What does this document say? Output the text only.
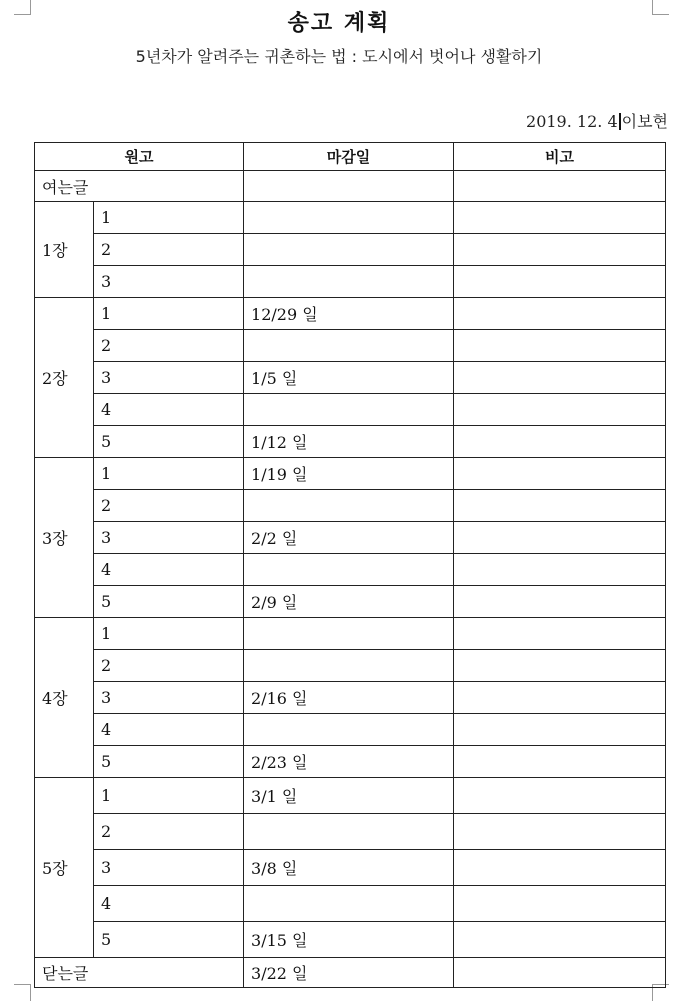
송고 계획
5년차가 알려주는 귀촌하는 법 : 도시에서 벗어나 생활하기
2019. 12. 4 이보현
원고		마감일	비고
여는글			
1장	1		
	2		
	3		
2장	1	12/29 일	
	2		
	3	1/5 일	
	4		
	5	1/12 일	
3장	1	1/19 일	
	2		
	3	2/2 일	
	4		
	5	2/9 일	
4장	1		
	2		
	3	2/16 일	
	4		
	5	2/23 일	
5장	1	3/1 일	
	2		
	3	3/8 일	
	4		
	5	3/15 일	
닫는글		3/22 일	
